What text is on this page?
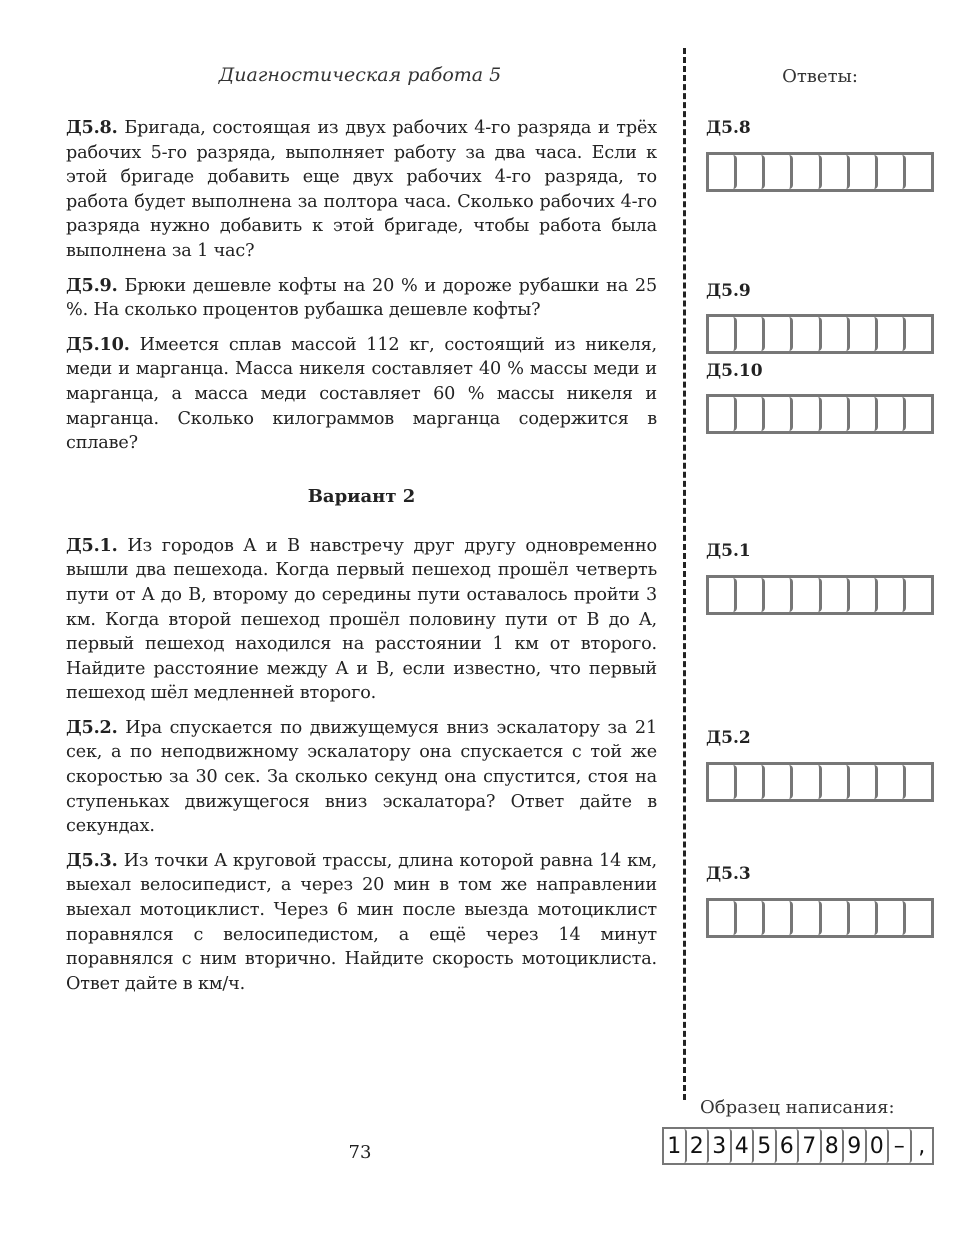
Диагностическая работа 5

Д5.8. Бригада, состоящая из двух рабочих 4-го разряда и трёх рабочих 5-го разряда, выполняет работу за два часа. Если к этой бригаде добавить еще двух рабочих 4-го разряда, то работа будет выполнена за полтора часа. Сколько рабочих 4-го разряда нужно добавить к этой бригаде, чтобы работа была выполнена за 1 час?

Д5.9. Брюки дешевле кофты на 20 % и дороже рубашки на 25 %. На сколько процентов рубашка дешевле кофты?

Д5.10. Имеется сплав массой 112 кг, состоящий из никеля, меди и марганца. Масса никеля составляет 40 % массы меди и марганца, а масса меди составляет 60 % массы никеля и марганца. Сколько килограммов марганца содержится в сплаве?

Вариант 2

Д5.1. Из городов A и B навстречу друг другу одновременно вышли два пешехода. Когда первый пешеход прошёл четверть пути от A до B, второму до середины пути оставалось пройти 3 км. Когда второй пешеход прошёл половину пути от B до A, первый пешеход находился на расстоянии 1 км от второго. Найдите расстояние между A и B, если известно, что первый пешеход шёл медленней второго.

Д5.2. Ира спускается по движущемуся вниз эскалатору за 21 сек, а по неподвижному эскалатору она спускается с той же скоростью за 30 сек. За сколько секунд она спустится, стоя на ступеньках движущегося вниз эскалатора? Ответ дайте в секундах.

Д5.3. Из точки A круговой трассы, длина которой равна 14 км, выехал велосипедист, а через 20 мин в том же направлении выехал мотоциклист. Через 6 мин после выезда мотоциклист поравнялся с велосипедистом, а ещё через 14 минут поравнялся с ним вторично. Найдите скорость мотоциклиста. Ответ дайте в км/ч.

Ответы:
Д5.8
Д5.9
Д5.10
Д5.1
Д5.2
Д5.3
Образец написания:
1 2 3 4 5 6 7 8 9 0 – ,
73
